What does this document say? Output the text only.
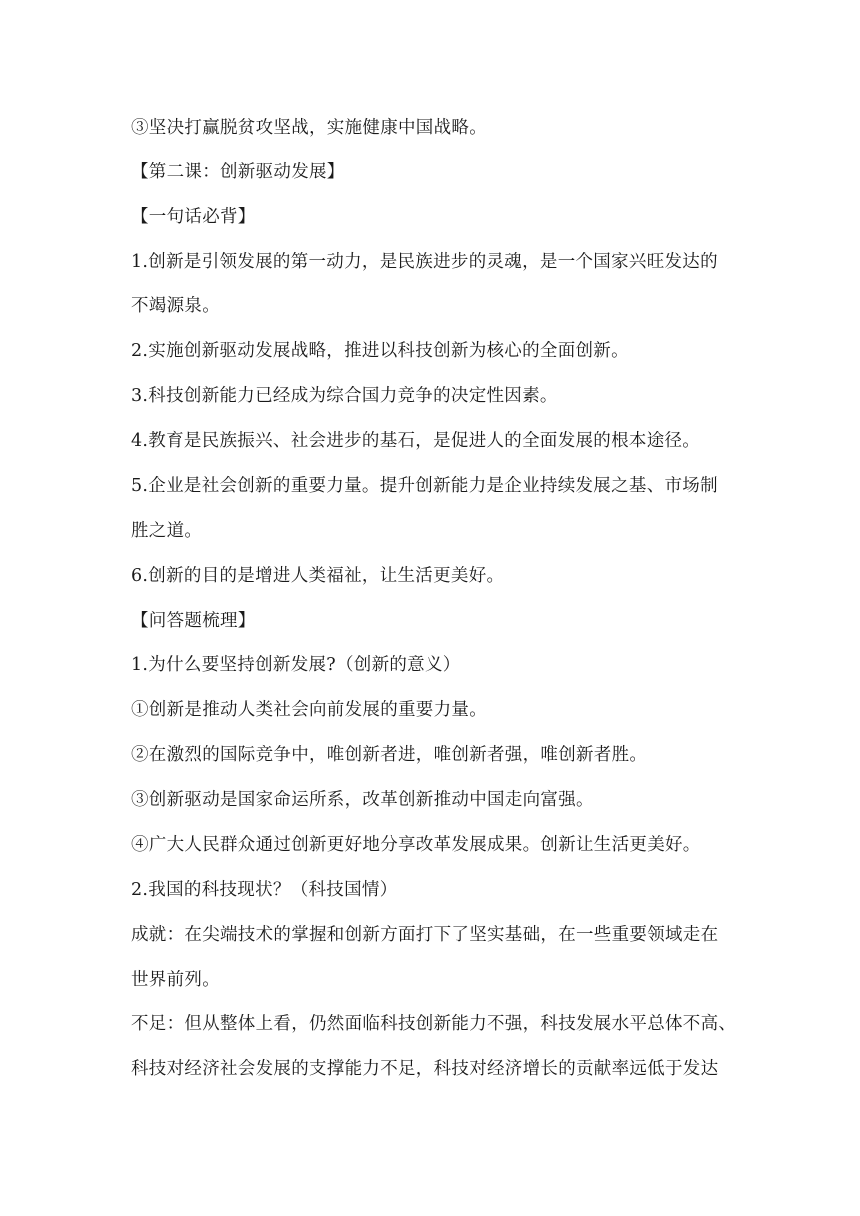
③坚决打赢脱贫攻坚战，实施健康中国战略。
【第二课：创新驱动发展】
【一句话必背】
1.创新是引领发展的第一动力，是民族进步的灵魂，是一个国家兴旺发达的
不竭源泉。
2.实施创新驱动发展战略，推进以科技创新为核心的全面创新。
3.科技创新能力已经成为综合国力竞争的决定性因素。
4.教育是民族振兴、社会进步的基石，是促进人的全面发展的根本途径。
5.企业是社会创新的重要力量。提升创新能力是企业持续发展之基、市场制
胜之道。
6.创新的目的是增进人类福祉，让生活更美好。
【问答题梳理】
1.为什么要坚持创新发展?（创新的意义）
①创新是推动人类社会向前发展的重要力量。
②在激烈的国际竞争中，唯创新者进，唯创新者强，唯创新者胜。
③创新驱动是国家命运所系，改革创新推动中国走向富强。
④广大人民群众通过创新更好地分享改革发展成果。创新让生活更美好。
2.我国的科技现状？（科技国情）
成就：在尖端技术的掌握和创新方面打下了坚实基础，在一些重要领域走在
世界前列。
不足：但从整体上看，仍然面临科技创新能力不强，科技发展水平总体不高、
科技对经济社会发展的支撑能力不足，科技对经济增长的贡献率远低于发达
